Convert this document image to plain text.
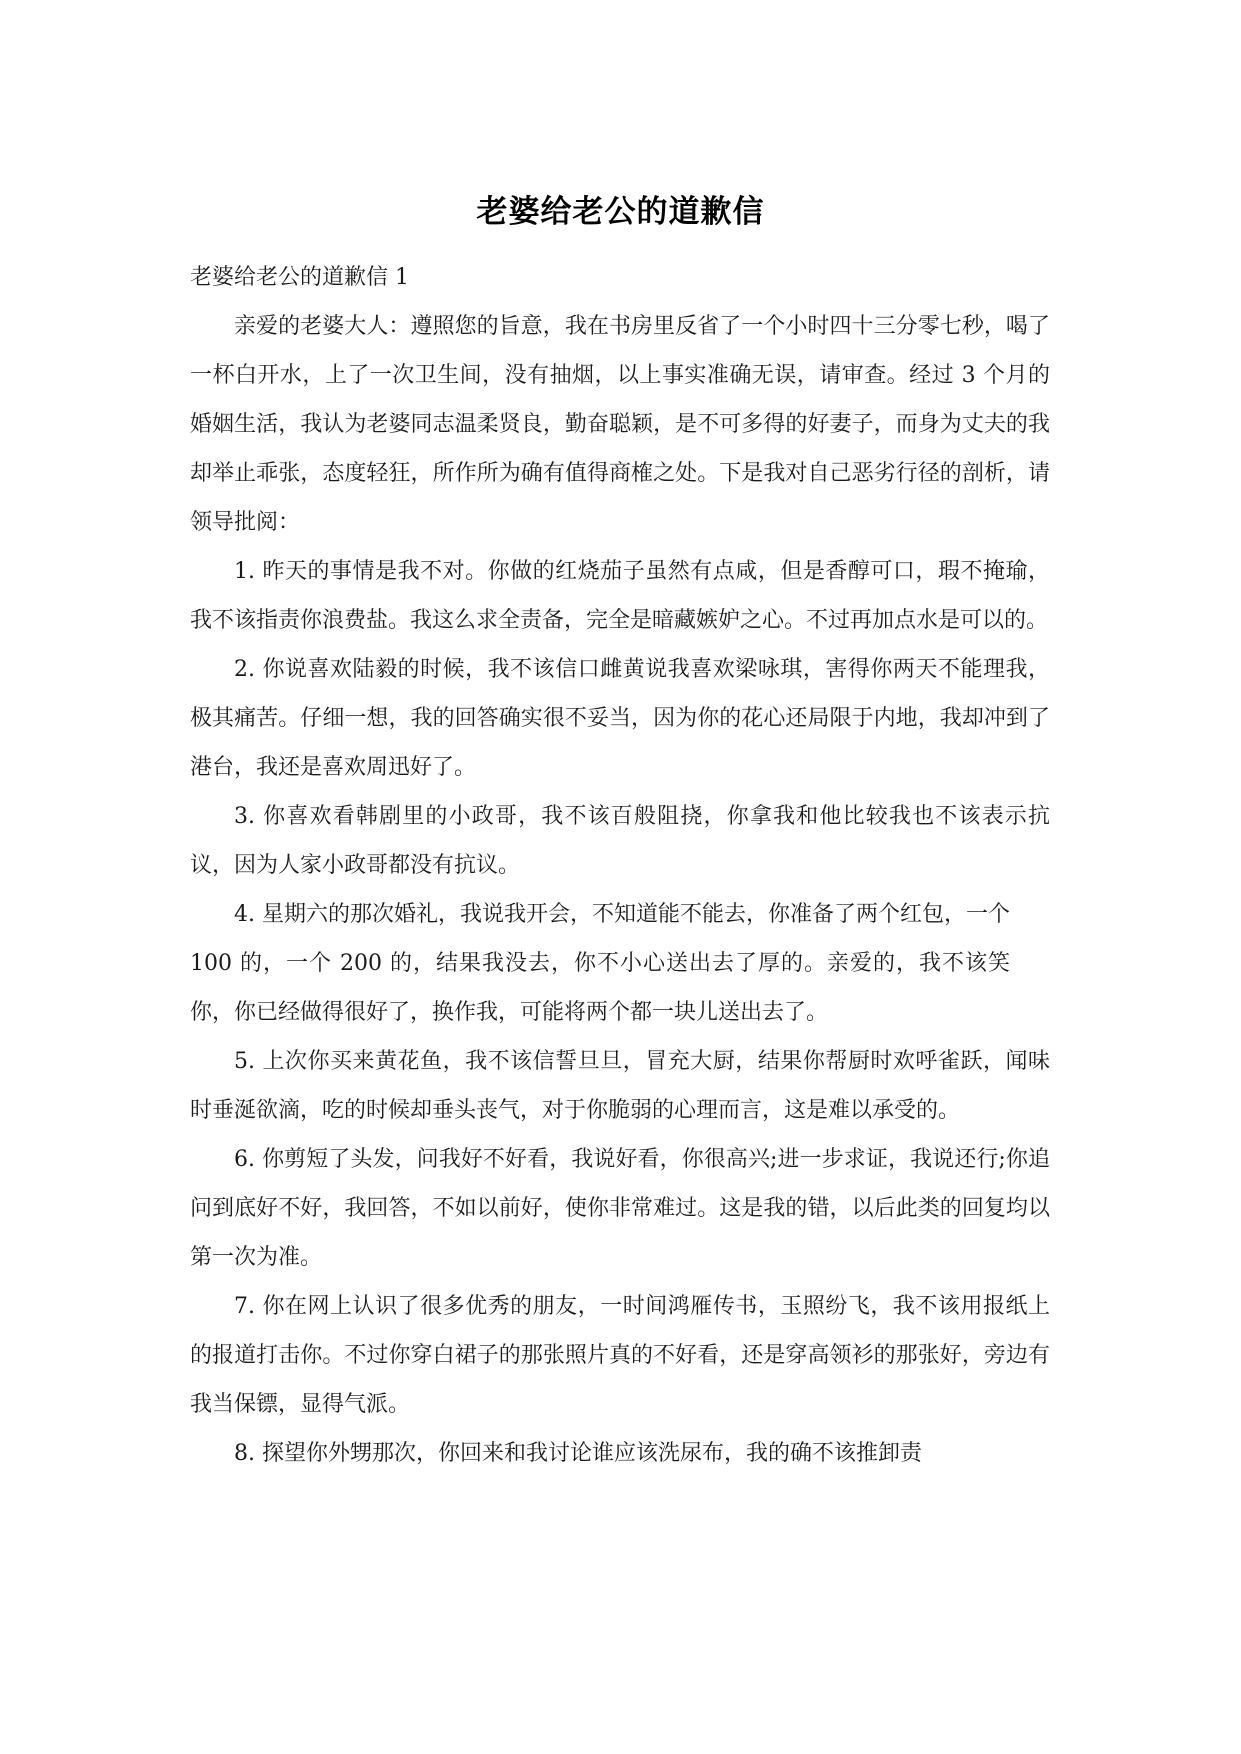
老婆给老公的道歉信

老婆给老公的道歉信 1

亲爱的老婆大人：遵照您的旨意，我在书房里反省了一个小时四十三分零七秒，喝了一杯白开水，上了一次卫生间，没有抽烟，以上事实准确无误，请审查。经过 3 个月的婚姻生活，我认为老婆同志温柔贤良，勤奋聪颖，是不可多得的好妻子，而身为丈夫的我却举止乖张，态度轻狂，所作所为确有值得商榷之处。下是我对自己恶劣行径的剖析，请领导批阅：

1. 昨天的事情是我不对。你做的红烧茄子虽然有点咸，但是香醇可口，瑕不掩瑜，我不该指责你浪费盐。我这么求全责备，完全是暗藏嫉妒之心。不过再加点水是可以的。

2. 你说喜欢陆毅的时候，我不该信口雌黄说我喜欢梁咏琪，害得你两天不能理我，极其痛苦。仔细一想，我的回答确实很不妥当，因为你的花心还局限于内地，我却冲到了港台，我还是喜欢周迅好了。

3. 你喜欢看韩剧里的小政哥，我不该百般阻挠，你拿我和他比较我也不该表示抗议，因为人家小政哥都没有抗议。

4. 星期六的那次婚礼，我说我开会，不知道能不能去，你准备了两个红包，一个 100 的，一个 200 的，结果我没去，你不小心送出去了厚的。亲爱的，我不该笑你，你已经做得很好了，换作我，可能将两个都一块儿送出去了。

5. 上次你买来黄花鱼，我不该信誓旦旦，冒充大厨，结果你帮厨时欢呼雀跃，闻味时垂涎欲滴，吃的时候却垂头丧气，对于你脆弱的心理而言，这是难以承受的。

6. 你剪短了头发，问我好不好看，我说好看，你很高兴;进一步求证，我说还行;你追问到底好不好，我回答，不如以前好，使你非常难过。这是我的错，以后此类的回复均以第一次为准。

7. 你在网上认识了很多优秀的朋友，一时间鸿雁传书，玉照纷飞，我不该用报纸上的报道打击你。不过你穿白裙子的那张照片真的不好看，还是穿高领衫的那张好，旁边有我当保镖，显得气派。

8. 探望你外甥那次，你回来和我讨论谁应该洗尿布，我的确不该推卸责
